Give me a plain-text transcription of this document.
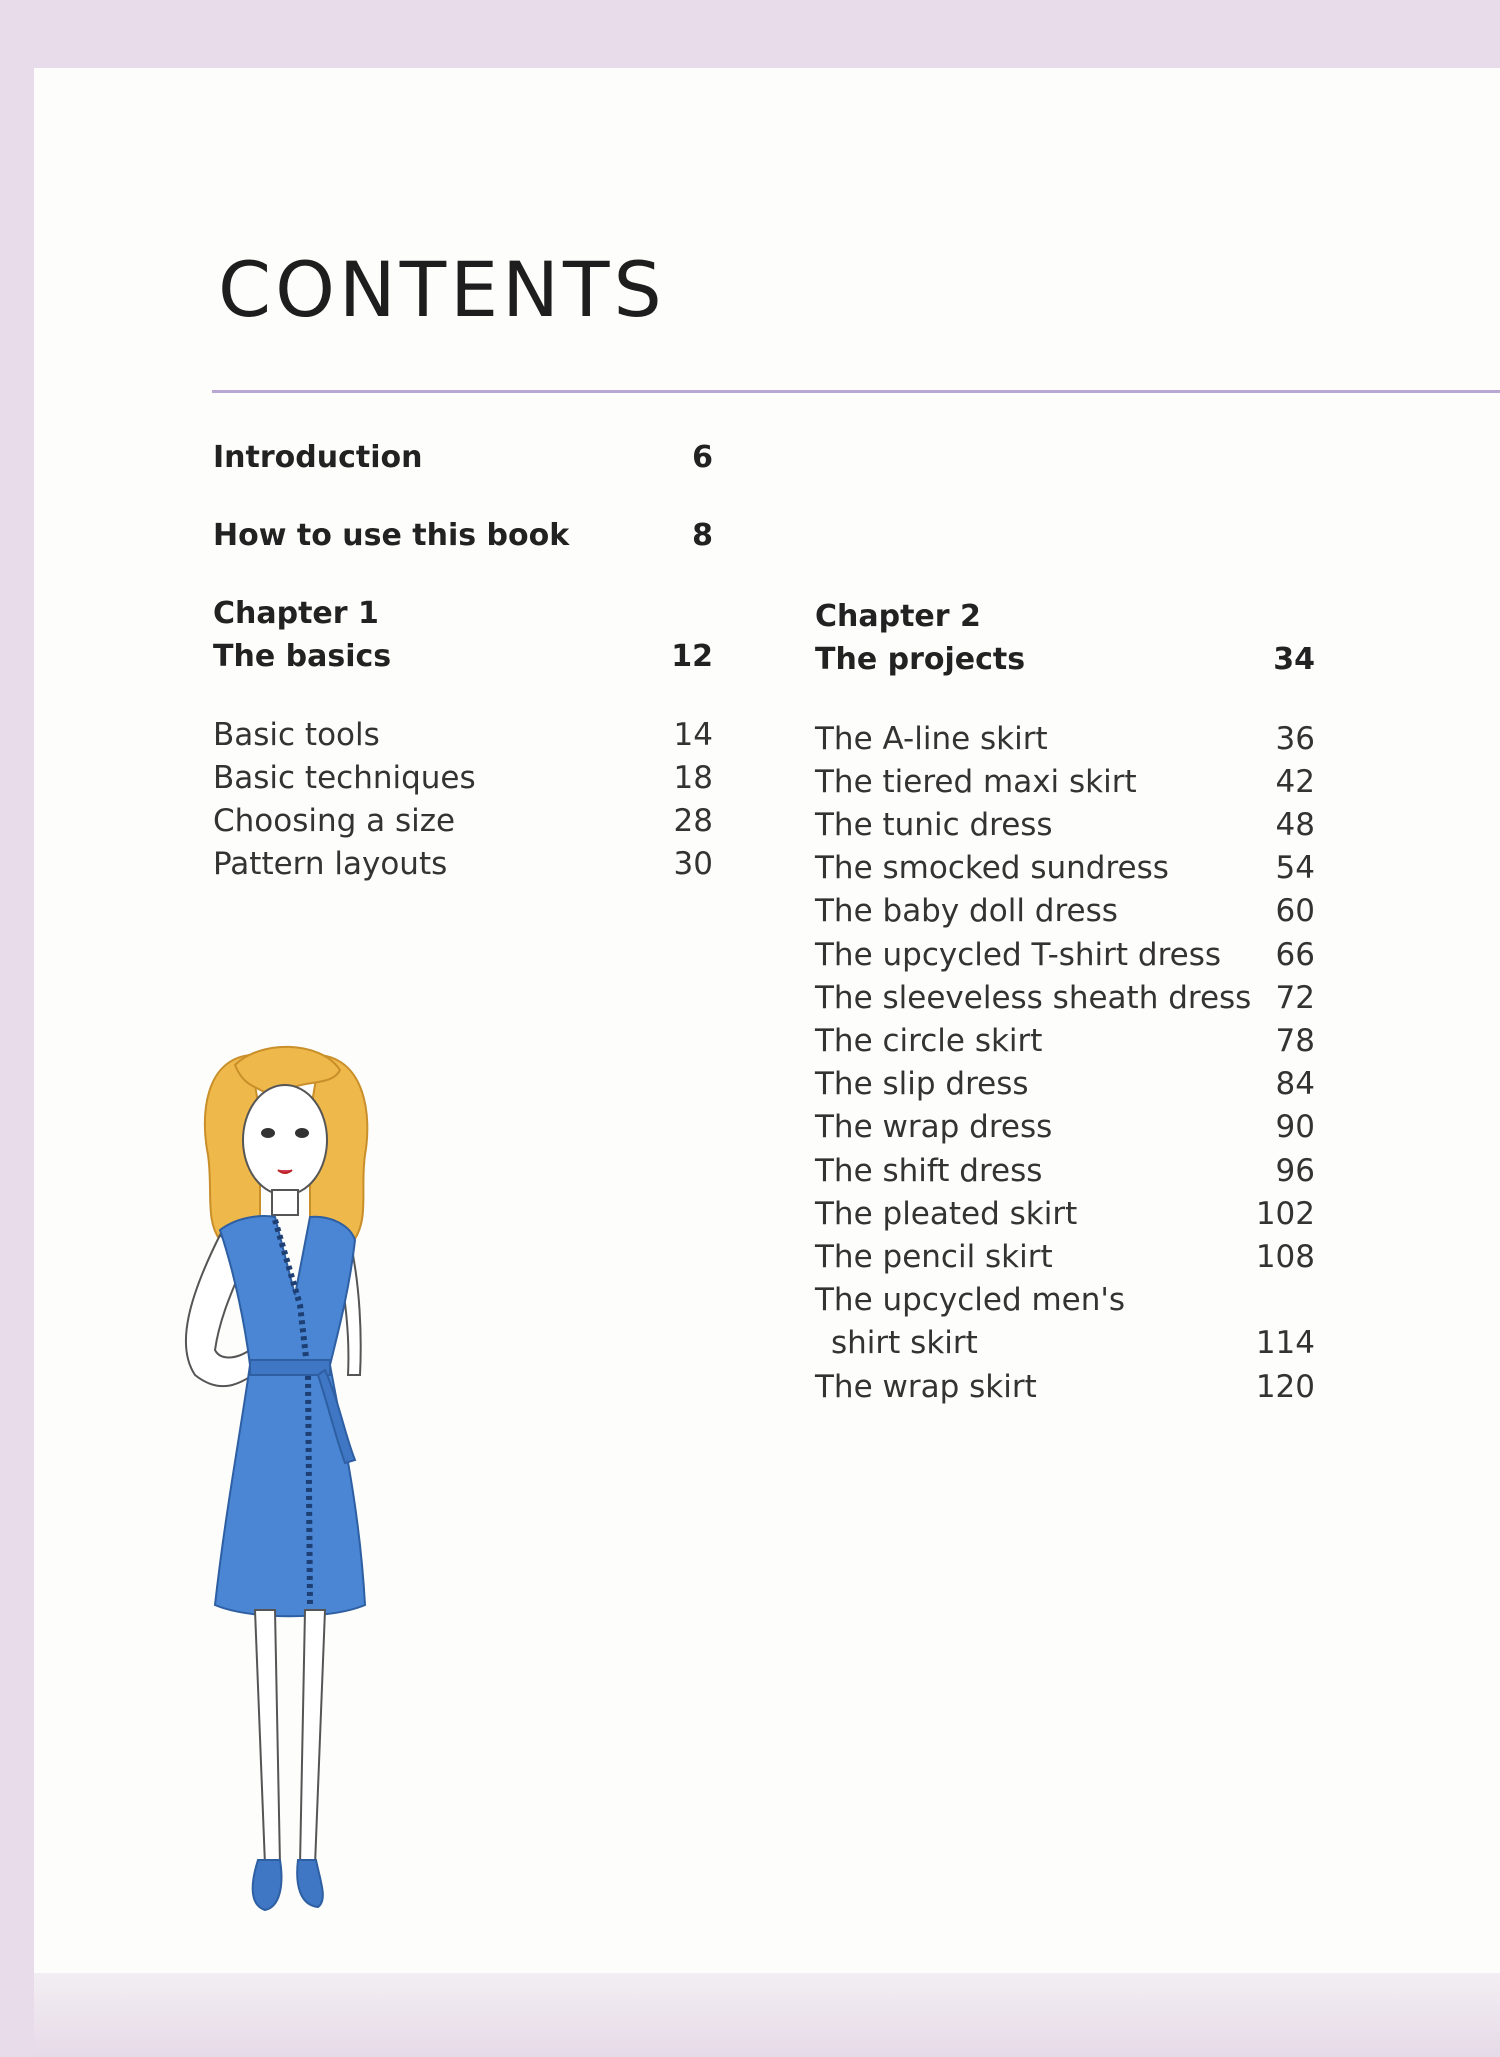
CONTENTS
Introduction	6
How to use this book	8
Chapter 1
The basics	12
Basic tools	14
Basic techniques	18
Choosing a size	28
Pattern layouts	30
Chapter 2
The projects	34
The A-line skirt	36
The tiered maxi skirt	42
The tunic dress	48
The smocked sundress	54
The baby doll dress	60
The upcycled T-shirt dress 66
The sleeveless sheath dress 72
The circle skirt	78
The slip dress	84
The wrap dress	90
The shift dress	96
The pleated skirt	102
The pencil skirt	108
The upcycled men's
shirt skirt	114
The wrap skirt	120
